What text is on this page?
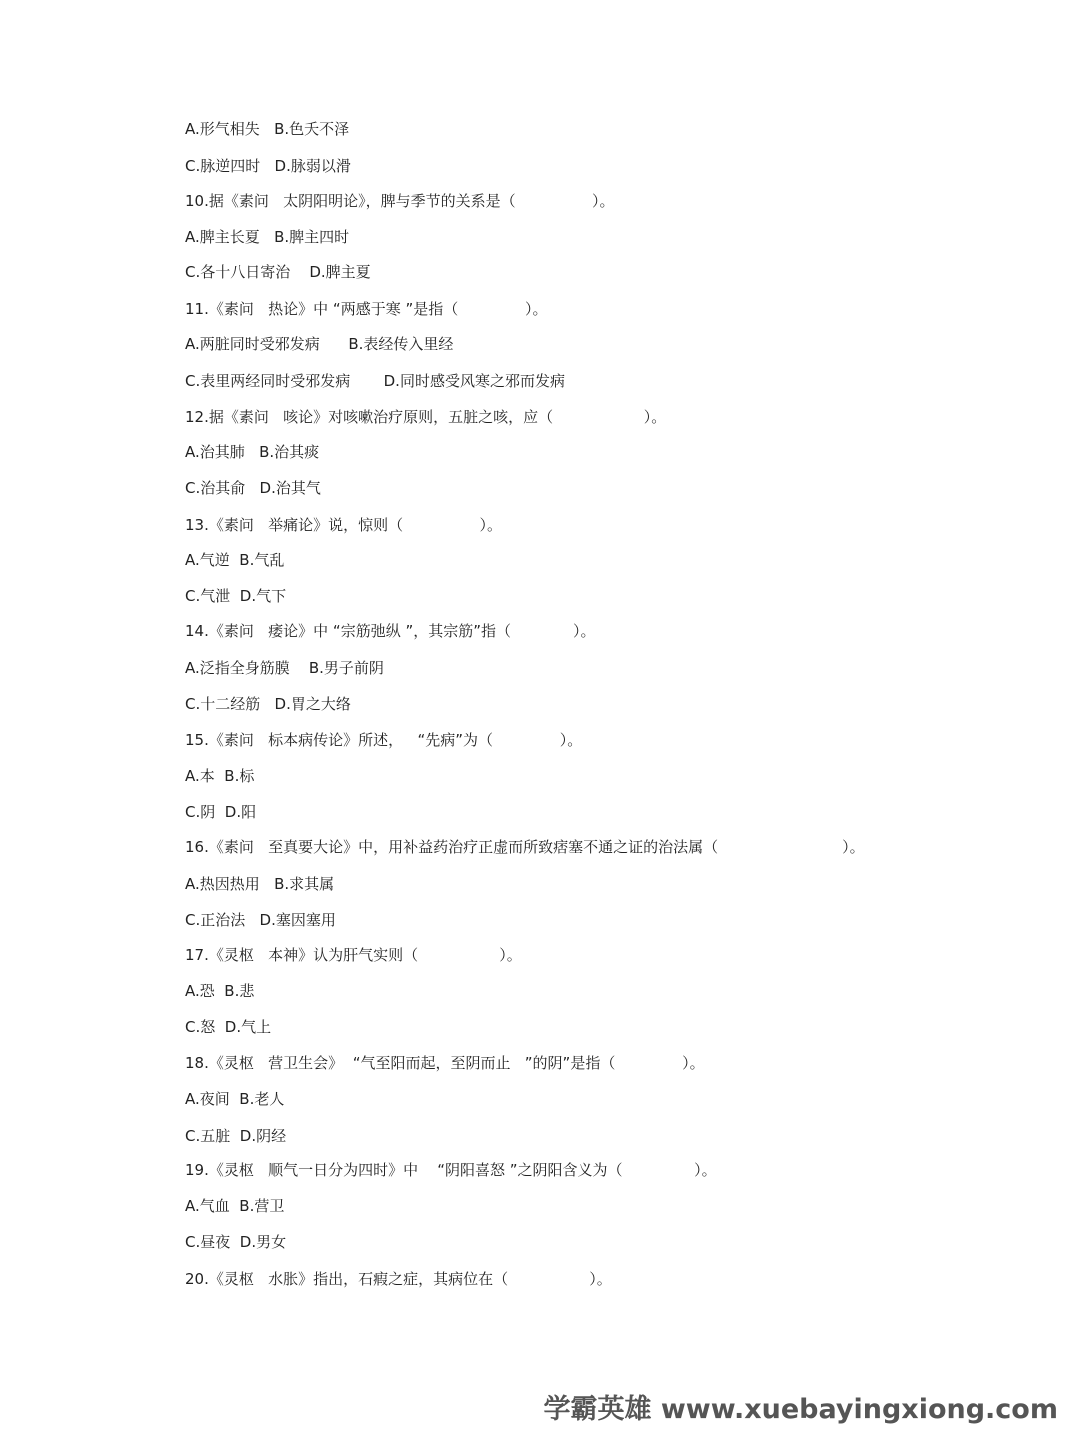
A.形气相失   B.色夭不泽
C.脉逆四时   D.脉弱以滑
10.据《素问   太阴阳明论》，脾与季节的关系是（                ）。
A.脾主长夏   B.脾主四时
C.各十八日寄治    D.脾主夏
11.《素问   热论》中 “两感于寒 ”是指（              ）。
A.两脏同时受邪发病      B.表经传入里经
C.表里两经同时受邪发病       D.同时感受风寒之邪而发病
12.据《素问   咳论》对咳嗽治疗原则，五脏之咳，应（                   ）。
A.治其肺   B.治其痰
C.治其俞   D.治其气
13.《素问   举痛论》说，惊则（                ）。
A.气逆  B.气乱
C.气泄  D.气下
14.《素问   痿论》中 “宗筋弛纵 ”，其宗筋”指（             ）。
A.泛指全身筋膜    B.男子前阴
C.十二经筋   D.胃之大络
15.《素问   标本病传论》所述，   “先病”为（              ）。
A.本  B.标
C.阴  D.阳
16.《素问   至真要大论》中，用补益药治疗正虚而所致痞塞不通之证的治法属（                          ）。
A.热因热用   B.求其属
C.正治法   D.塞因塞用
17.《灵枢   本神》认为肝气实则（                 ）。
A.恐  B.悲
C.怒  D.气上
18.《灵枢   营卫生会》  “气至阳而起，至阴而止   ”的阴”是指（              ）。
A.夜间  B.老人
C.五脏  D.阴经
19.《灵枢   顺气一日分为四时》中    “阴阳喜怒 ”之阴阳含义为（               ）。
A.气血  B.营卫
C.昼夜  D.男女
20.《灵枢   水胀》指出，石瘕之症，其病位在（                 ）。
学霸英雄 www.xuebayingxiong.com
